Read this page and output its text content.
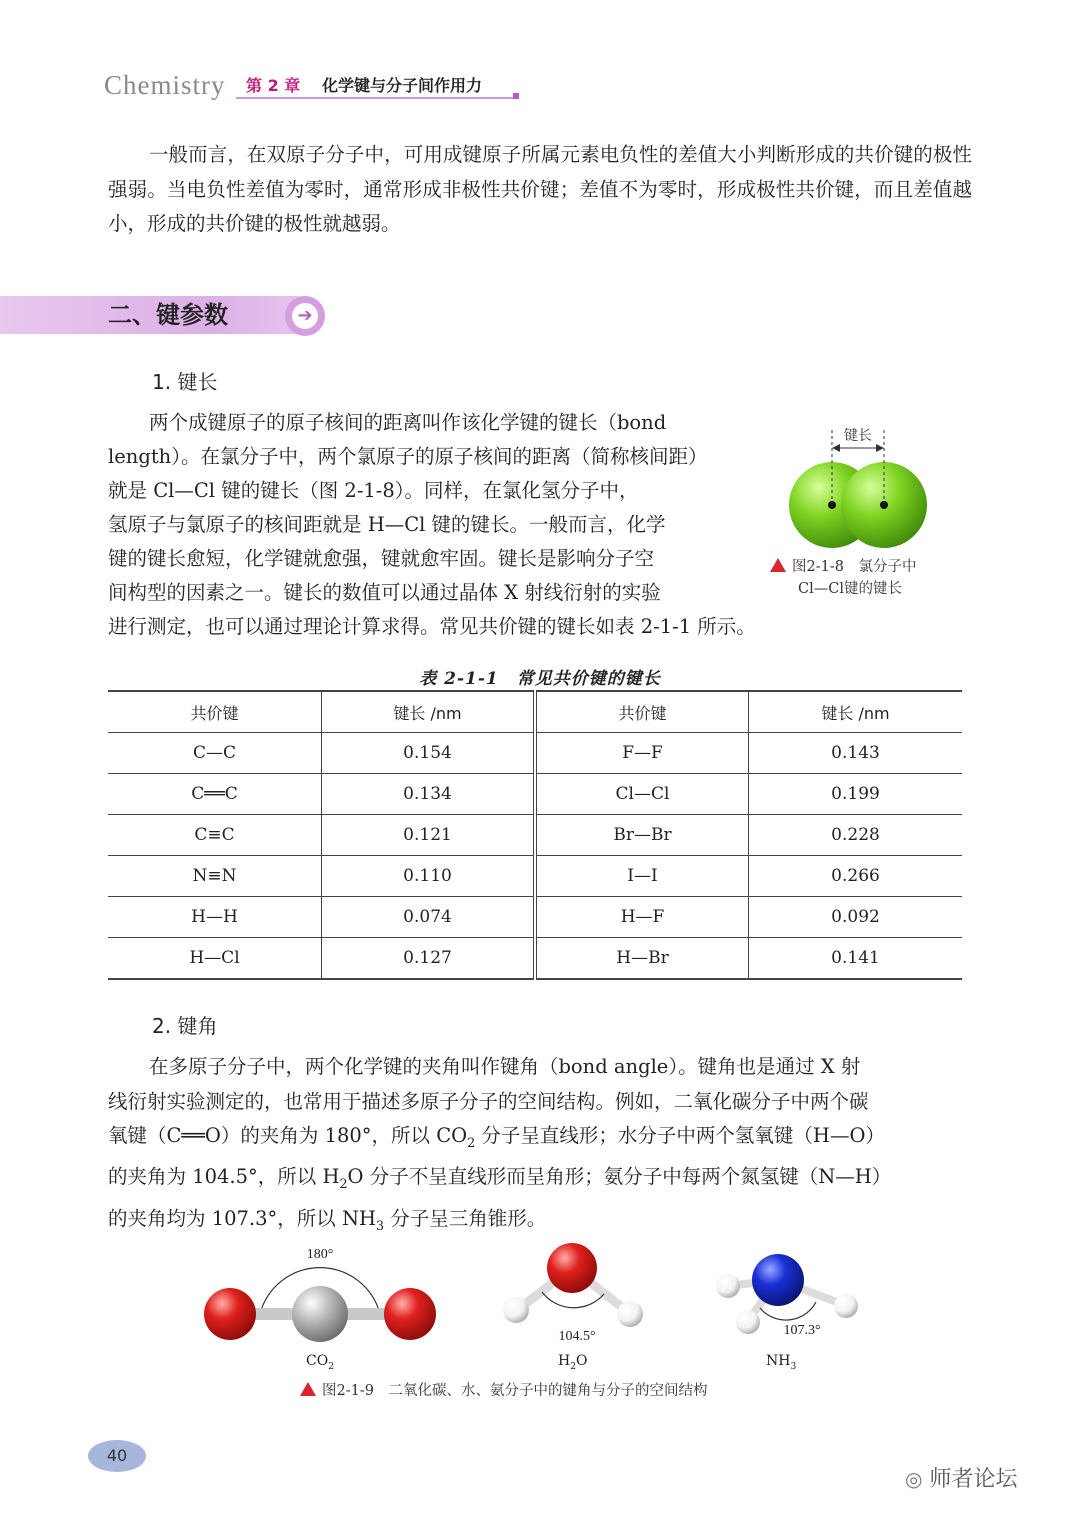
Chemistry 第 2 章 化学键与分子间作用力
一般而言，在双原子分子中，可用成键原子所属元素电负性的差值大小判断形成的共价键的极性强弱。当电负性差值为零时，通常形成非极性共价键；差值不为零时，形成极性共价键，而且差值越小，形成的共价键的极性就越弱。
二、键参数	➔
1. 键长
两个成键原子的原子核间的距离叫作该化学键的键长（bond
length）。在氯分子中，两个氯原子的原子核间的距离（简称核间距）
就是 Cl—Cl 键的键长（图 2-1-8）。同样，在氯化氢分子中，
氢原子与氯原子的核间距就是 H—Cl 键的键长。一般而言，化学
键的键长愈短，化学键就愈强，键就愈牢固。键长是影响分子空
间构型的因素之一。键长的数值可以通过晶体 X 射线衍射的实验
进行测定，也可以通过理论计算求得。常见共价键的键长如表 2-1-1 所示。
键长
图2-1-8　氯分子中
Cl—Cl键的键长
表 2-1-1　常见共价键的键长
共价键	键长 /nm	共价键	键长 /nm
C—C	0.154	F—F	0.143
C══C	0.134	Cl—Cl	0.199
C≡C	0.121	Br—Br	0.228
N≡N	0.110	I—I	0.266
H—H	0.074	H—F	0.092
H—Cl	0.127	H—Br	0.141
2. 键角
在多原子分子中，两个化学键的夹角叫作键角（bond angle）。键角也是通过 X 射
线衍射实验测定的，也常用于描述多原子分子的空间结构。例如，二氧化碳分子中两个碳
氧键（C══O）的夹角为 180°，所以 $CO_2$ 分子呈直线形；水分子中两个氢氧键（H—O）
的夹角为 104.5°，所以 $H_2O$ 分子不呈直线形而呈角形；氨分子中每两个氮氢键（N—H）
的夹角均为 107.3°，所以 $NH_3$ 分子呈三角锥形。
180°
104.5°	107.3°
$CO_2$	$H_2O$	$NH_3$
图2-1-9　二氧化碳、水、氨分子中的键角与分子的空间结构
40
◎ 师者论坛
